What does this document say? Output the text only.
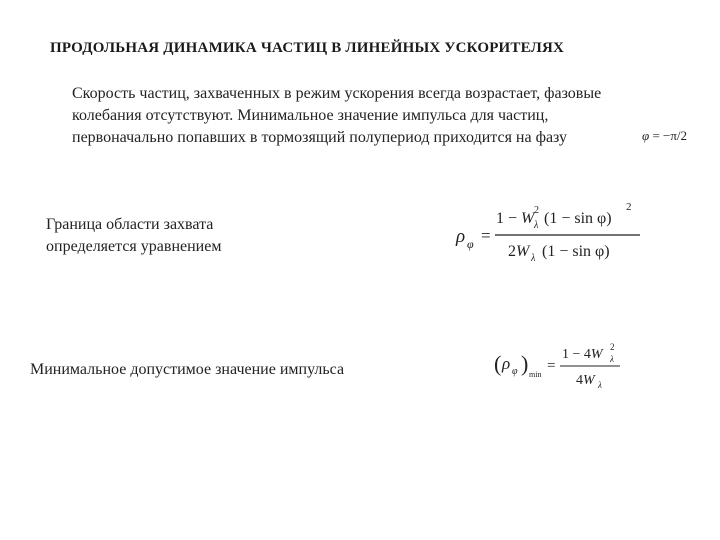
ПРОДОЛЬНАЯ ДИНАМИКА ЧАСТИЦ В ЛИНЕЙНЫХ УСКОРИТЕЛЯХ
Скорость частиц, захваченных в режим ускорения всегда возрастает, фазовые
колебания отсутствуют. Минимальное значение импульса для частиц,
первоначально попавших в тормозящий полупериод приходится на фазу	φ = −π/2
Граница области захвата
определяется уравнением	ρ φ =
1 − W 2
λ (1 − sin φ)
2
2W λ (1 − sin φ)
Минимальное допустимое значение импульса	( ρ φ ) min
=
1 − 4W 2
λ
4W λ
